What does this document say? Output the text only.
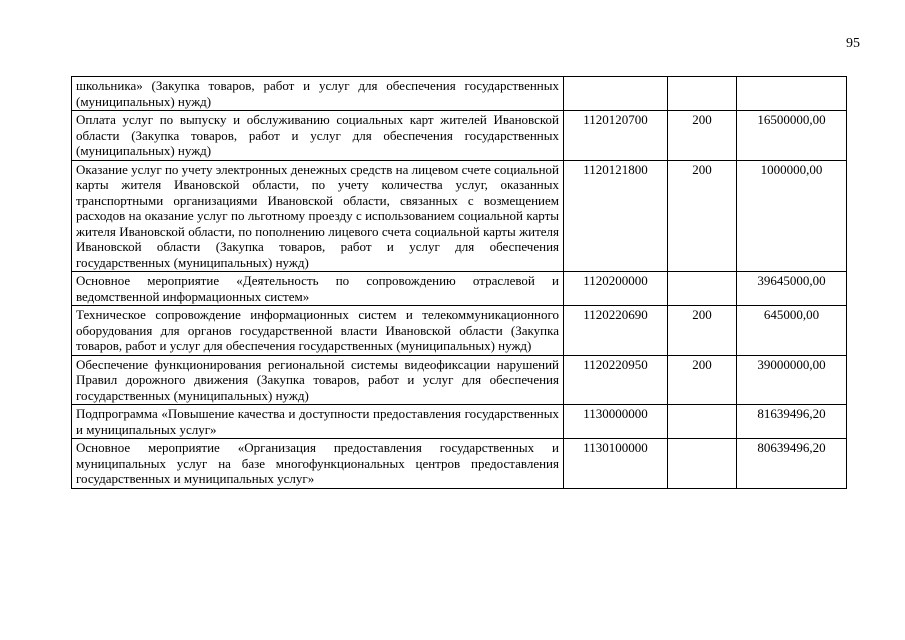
95
школьника» (Закупка товаров, работ и услуг для обеспечения государственных (муниципальных) нужд)			
Оплата услуг по выпуску и обслуживанию социальных карт жителей Ивановской области (Закупка товаров, работ и услуг для обеспечения государственных (муниципальных) нужд)	1120120700	200	16500000,00
Оказание услуг по учету электронных денежных средств на лицевом счете социальной карты жителя Ивановской области, по учету количества услуг, оказанных транспортными организациями Ивановской области, связанных с возмещением расходов на оказание услуг по льготному проезду с использованием социальной карты жителя Ивановской области, по пополнению лицевого счета социальной карты жителя Ивановской области (Закупка товаров, работ и услуг для обеспечения государственных (муниципальных) нужд)	1120121800	200	1000000,00
Основное мероприятие «Деятельность по сопровождению отраслевой и ведомственной информационных систем»	1120200000		39645000,00
Техническое сопровождение информационных систем и телекоммуникационного оборудования для органов государственной власти Ивановской области (Закупка товаров, работ и услуг для обеспечения государственных (муниципальных) нужд)	1120220690	200	645000,00
Обеспечение функционирования региональной системы видеофиксации нарушений Правил дорожного движения (Закупка товаров, работ и услуг для обеспечения государственных (муниципальных) нужд)	1120220950	200	39000000,00
Подпрограмма «Повышение качества и доступности предоставления государственных и муниципальных услуг»	1130000000		81639496,20
Основное мероприятие «Организация предоставления государственных и муниципальных услуг на базе многофункциональных центров предоставления государственных и муниципальных услуг»	1130100000		80639496,20
